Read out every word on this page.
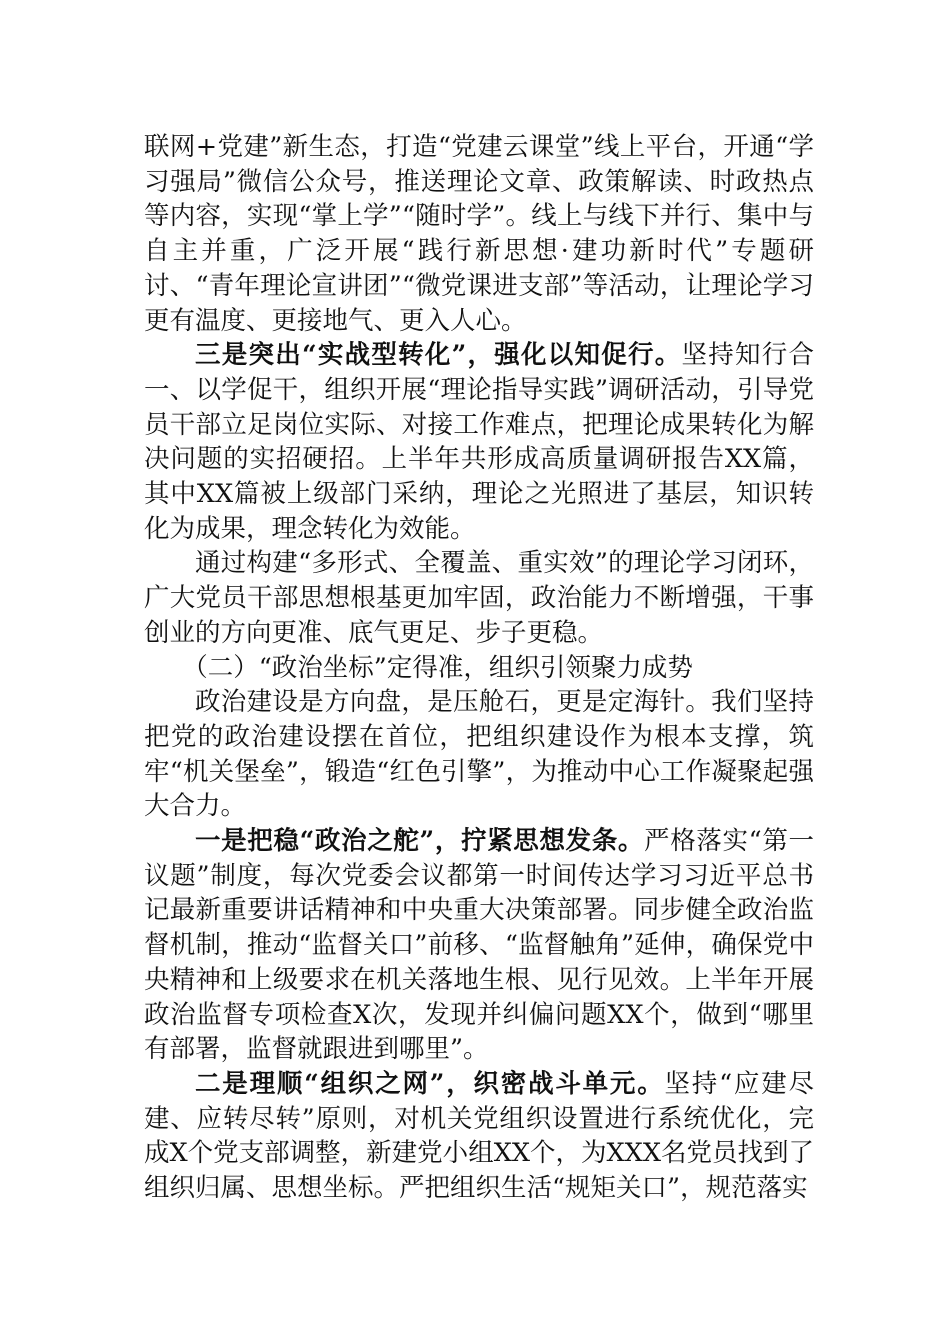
联网+党建”新生态，打造“党建云课堂”线上平台，开通“学习强局”微信公众号，推送理论文章、政策解读、时政热点等内容，实现“掌上学”“随时学”。线上与线下并行、集中与自主并重，广泛开展“践行新思想·建功新时代”专题研讨、“青年理论宣讲团”“微党课进支部”等活动，让理论学习更有温度、更接地气、更入人心。

三是突出“实战型转化”，强化以知促行。坚持知行合一、以学促干，组织开展“理论指导实践”调研活动，引导党员干部立足岗位实际、对接工作难点，把理论成果转化为解决问题的实招硬招。上半年共形成高质量调研报告XX篇，其中XX篇被上级部门采纳，理论之光照进了基层，知识转化为成果，理念转化为效能。

通过构建“多形式、全覆盖、重实效”的理论学习闭环，广大党员干部思想根基更加牢固，政治能力不断增强，干事创业的方向更准、底气更足、步子更稳。

（二）“政治坐标”定得准，组织引领聚力成势

政治建设是方向盘，是压舱石，更是定海针。我们坚持把党的政治建设摆在首位，把组织建设作为根本支撑，筑牢“机关堡垒”，锻造“红色引擎”，为推动中心工作凝聚起强大合力。

一是把稳“政治之舵”，拧紧思想发条。严格落实“第一议题”制度，每次党委会议都第一时间传达学习习近平总书记最新重要讲话精神和中央重大决策部署。同步健全政治监督机制，推动“监督关口”前移、“监督触角”延伸，确保党中央精神和上级要求在机关落地生根、见行见效。上半年开展政治监督专项检查X次，发现并纠偏问题XX个，做到“哪里有部署，监督就跟进到哪里”。

二是理顺“组织之网”，织密战斗单元。坚持“应建尽建、应转尽转”原则，对机关党组织设置进行系统优化，完成X个党支部调整，新建党小组XX个，为XXX名党员找到了组织归属、思想坐标。严把组织生活“规矩关口”，规范落实
